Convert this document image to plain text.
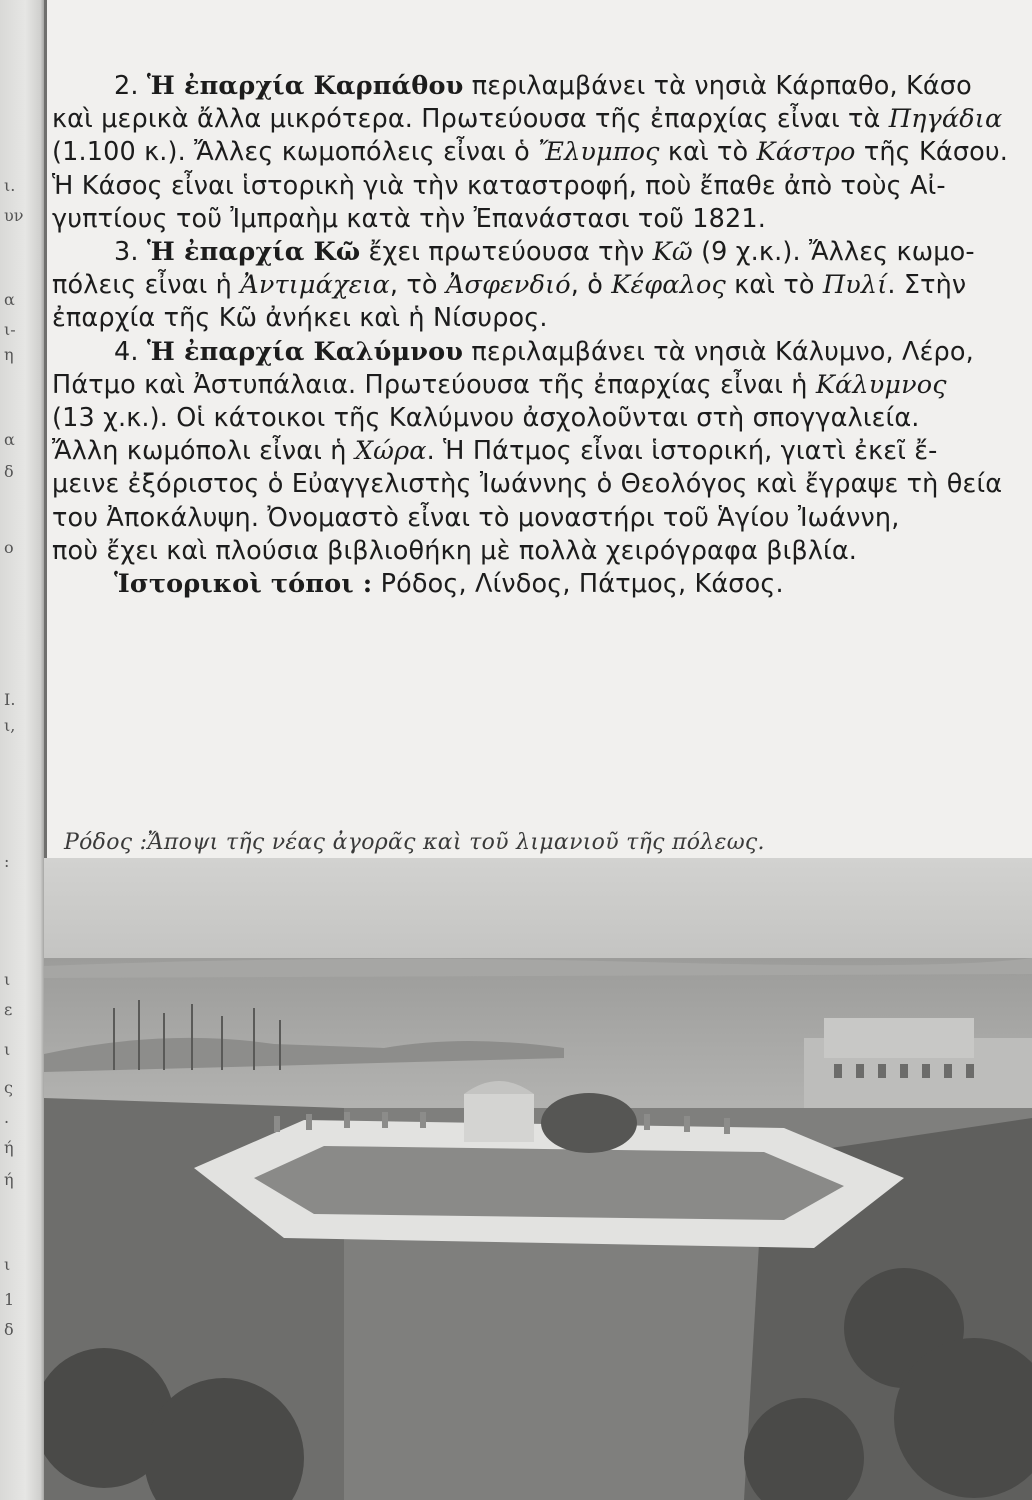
ι.
υν
α
ι-
η
α
δ
ο
Ι.
ι,
:
ι
ε
ι
ς
.
ή
ή
ι
1
δ
2. Ἡ ἐπαρχία Καρπάθου περιλαμβάνει τὰ νησιὰ Κάρπαθο, Κάσο
καὶ μερικὰ ἄλλα μικρότερα. Πρωτεύουσα τῆς ἐπαρχίας εἶναι τὰ Πηγάδια
(1.100 κ.). Ἄλλες κωμοπόλεις εἶναι ὁ Ἔλυμπος καὶ τὸ Κάστρο τῆς Κάσου.
Ἡ Κάσος εἶναι ἱστορικὴ γιὰ τὴν καταστροφή, ποὺ ἔπαθε ἀπὸ τοὺς Αἰ-
γυπτίους τοῦ Ἰμπραὴμ κατὰ τὴν Ἐπανάστασι τοῦ 1821.
3. Ἡ ἐπαρχία Κῶ ἔχει πρωτεύουσα τὴν Κῶ (9 χ.κ.). Ἄλλες κωμο-
πόλεις εἶναι ἡ Ἀντιμάχεια, τὸ Ἀσφενδιό, ὁ Κέφαλος καὶ τὸ Πυλί. Στὴν
ἐπαρχία τῆς Κῶ ἀνήκει καὶ ἡ Νίσυρος.
4. Ἡ ἐπαρχία Καλύμνου περιλαμβάνει τὰ νησιὰ Κάλυμνο, Λέρο,
Πάτμο καὶ Ἀστυπάλαια. Πρωτεύουσα τῆς ἐπαρχίας εἶναι ἡ Κάλυμνος
(13 χ.κ.). Οἱ κάτοικοι τῆς Καλύμνου ἀσχολοῦνται στὴ σπογγαλιεία.
Ἄλλη κωμόπολι εἶναι ἡ Χώρα. Ἡ Πάτμος εἶναι ἱστορική, γιατὶ ἐκεῖ ἔ-
μεινε ἐξόριστος ὁ Εὐαγγελιστὴς Ἰωάννης ὁ Θεολόγος καὶ ἔγραψε τὴ θεία
του Ἀποκάλυψη. Ὀνομαστὸ εἶναι τὸ μοναστήρι τοῦ Ἁγίου Ἰωάννη,
ποὺ ἔχει καὶ πλούσια βιβλιοθήκη μὲ πολλὰ χειρόγραφα βιβλία.
Ἱστορικοὶ τόποι : Ρόδος, Λίνδος, Πάτμος, Κάσος.
Ρόδος :Ἄποψι τῆς νέας ἀγορᾶς καὶ τοῦ λιμανιοῦ τῆς πόλεως.
